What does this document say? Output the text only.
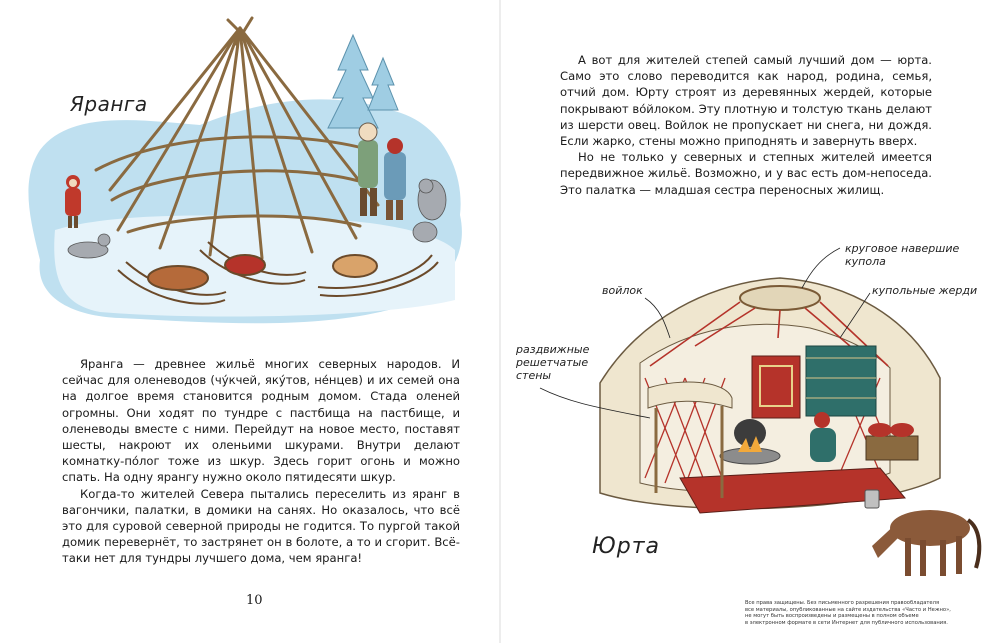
Яранга

Яранга — древнее жильё многих северных народов. И сейчас для оленеводов (чу́кчей, яку́тов, не́нцев) и их семей она на долгое время становится родным домом. Стада оленей огромны. Они ходят по тундре с пастбища на пастбище, и оленеводы вместе с ними. Перейдут на новое место, поставят шесты, накроют их оленьими шкурами. Внутри делают комнатку-по́лог тоже из шкур. Здесь горит огонь и можно спать. На одну ярангу нужно около пятидесяти шкур.

Когда-то жителей Севера пытались переселить из яранг в вагончики, палатки, в домики на санях. Но оказалось, что всё это для суровой северной природы не годится. То пургой такой домик перевернёт, то застрянет он в болоте, а то и сгорит. Всё-таки нет для тундры лучшего дома, чем яранга!

10

А вот для жителей степей самый лучший дом — юрта. Само это слово переводится как народ, родина, семья, отчий дом. Юрту строят из деревянных жердей, которые покрывают во́йлоком. Эту плотную и толстую ткань делают из шерсти овец. Войлок не пропускает ни снега, ни дождя. Если жарко, стены можно приподнять и завернуть вверх.

Но не только у северных и степных жителей имеется передвижное жильё. Возможно, и у вас есть дом-непоседа. Это палатка — младшая сестра переносных жилищ.

войлок
круговое навершие купола
купольные жерди
раздвижные решетчатые стены
Юрта
Все права защищены. Без письменного разрешения правообладателя
все материалы, опубликованные на сайте издательства «Часто и Нежно»,
не могут быть воспроизведены и размещены в полном объеме
в электронном формате в сети Интернет для публичного использования.
